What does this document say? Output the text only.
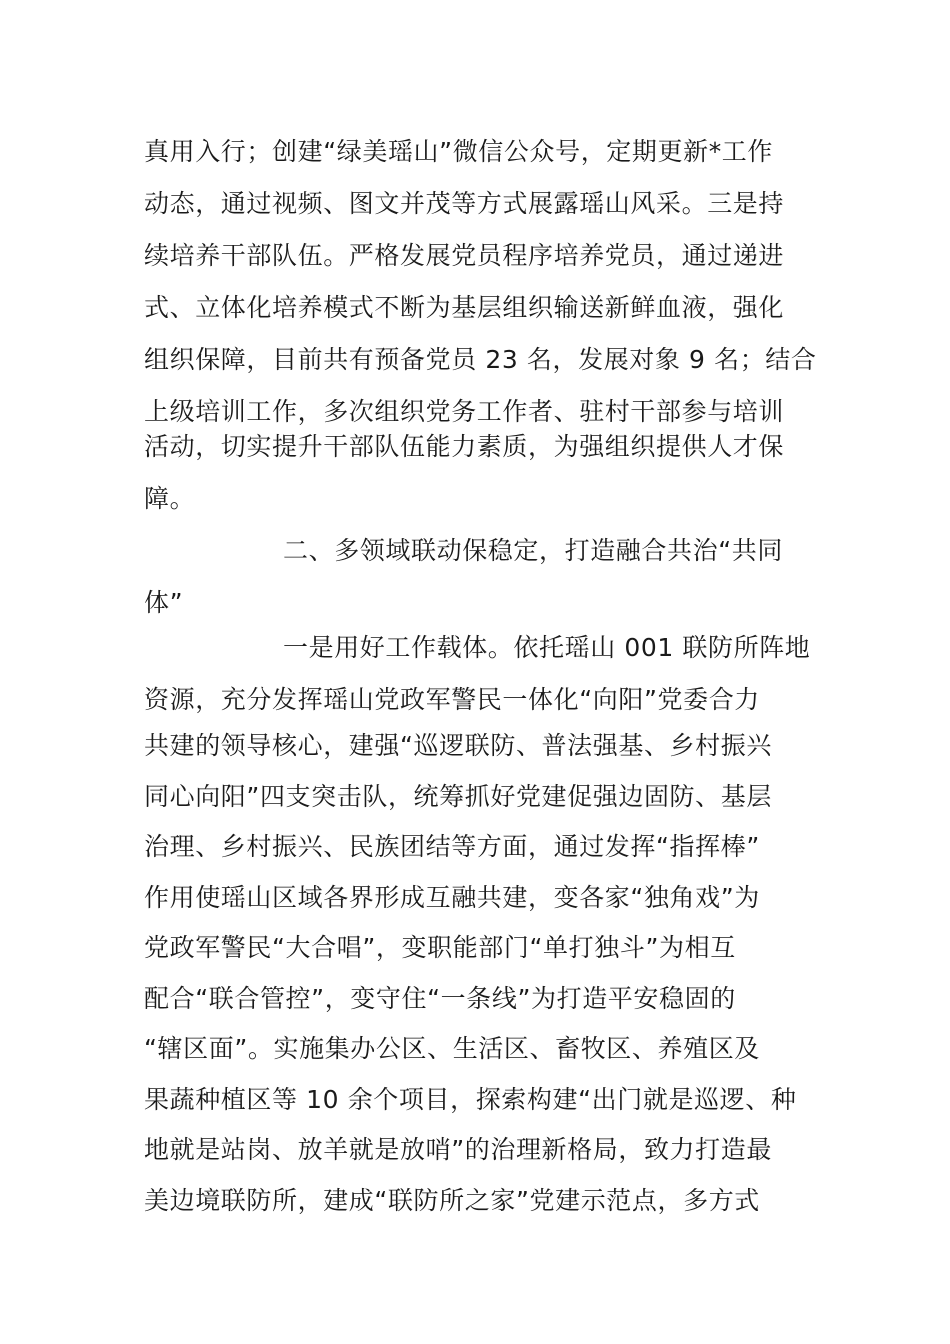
真用入行；创建“绿美瑶山”微信公众号，定期更新*工作
动态，通过视频、图文并茂等方式展露瑶山风采。三是持
续培养干部队伍。严格发展党员程序培养党员，通过递进
式、立体化培养模式不断为基层组织输送新鲜血液，强化
组织保障，目前共有预备党员 23 名，发展对象 9 名；结合
上级培训工作，多次组织党务工作者、驻村干部参与培训
活动，切实提升干部队伍能力素质，为强组织提供人才保
障。
二、多领域联动保稳定，打造融合共治“共同
体”
一是用好工作载体。依托瑶山 001 联防所阵地
资源，充分发挥瑶山党政军警民一体化“向阳”党委合力
共建的领导核心，建强“巡逻联防、普法强基、乡村振兴
同心向阳”四支突击队，统筹抓好党建促强边固防、基层
治理、乡村振兴、民族团结等方面，通过发挥“指挥棒”
作用使瑶山区域各界形成互融共建，变各家“独角戏”为
党政军警民“大合唱”，变职能部门“单打独斗”为相互
配合“联合管控”，变守住“一条线”为打造平安稳固的
“辖区面”。实施集办公区、生活区、畜牧区、养殖区及
果蔬种植区等 10 余个项目，探索构建“出门就是巡逻、种
地就是站岗、放羊就是放哨”的治理新格局，致力打造最
美边境联防所，建成“联防所之家”党建示范点，多方式
